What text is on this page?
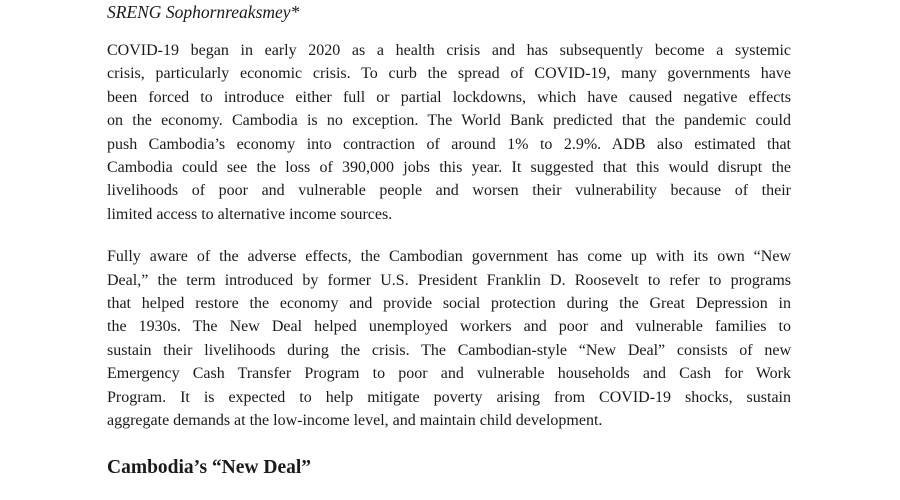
SRENG Sophornreaksmey*
COVID-19 began in early 2020 as a health crisis and has subsequently become a systemic
crisis, particularly economic crisis. To curb the spread of COVID-19, many governments have
been forced to introduce either full or partial lockdowns, which have caused negative effects
on the economy. Cambodia is no exception. The World Bank predicted that the pandemic could
push Cambodia’s economy into contraction of around 1% to 2.9%. ADB also estimated that
Cambodia could see the loss of 390,000 jobs this year. It suggested that this would disrupt the
livelihoods of poor and vulnerable people and worsen their vulnerability because of their
limited access to alternative income sources.
Fully aware of the adverse effects, the Cambodian government has come up with its own “New
Deal,” the term introduced by former U.S. President Franklin D. Roosevelt to refer to programs
that helped restore the economy and provide social protection during the Great Depression in
the 1930s. The New Deal helped unemployed workers and poor and vulnerable families to
sustain their livelihoods during the crisis. The Cambodian-style “New Deal” consists of new
Emergency Cash Transfer Program to poor and vulnerable households and Cash for Work
Program. It is expected to help mitigate poverty arising from COVID-19 shocks, sustain
aggregate demands at the low-income level, and maintain child development.
Cambodia’s “New Deal”
